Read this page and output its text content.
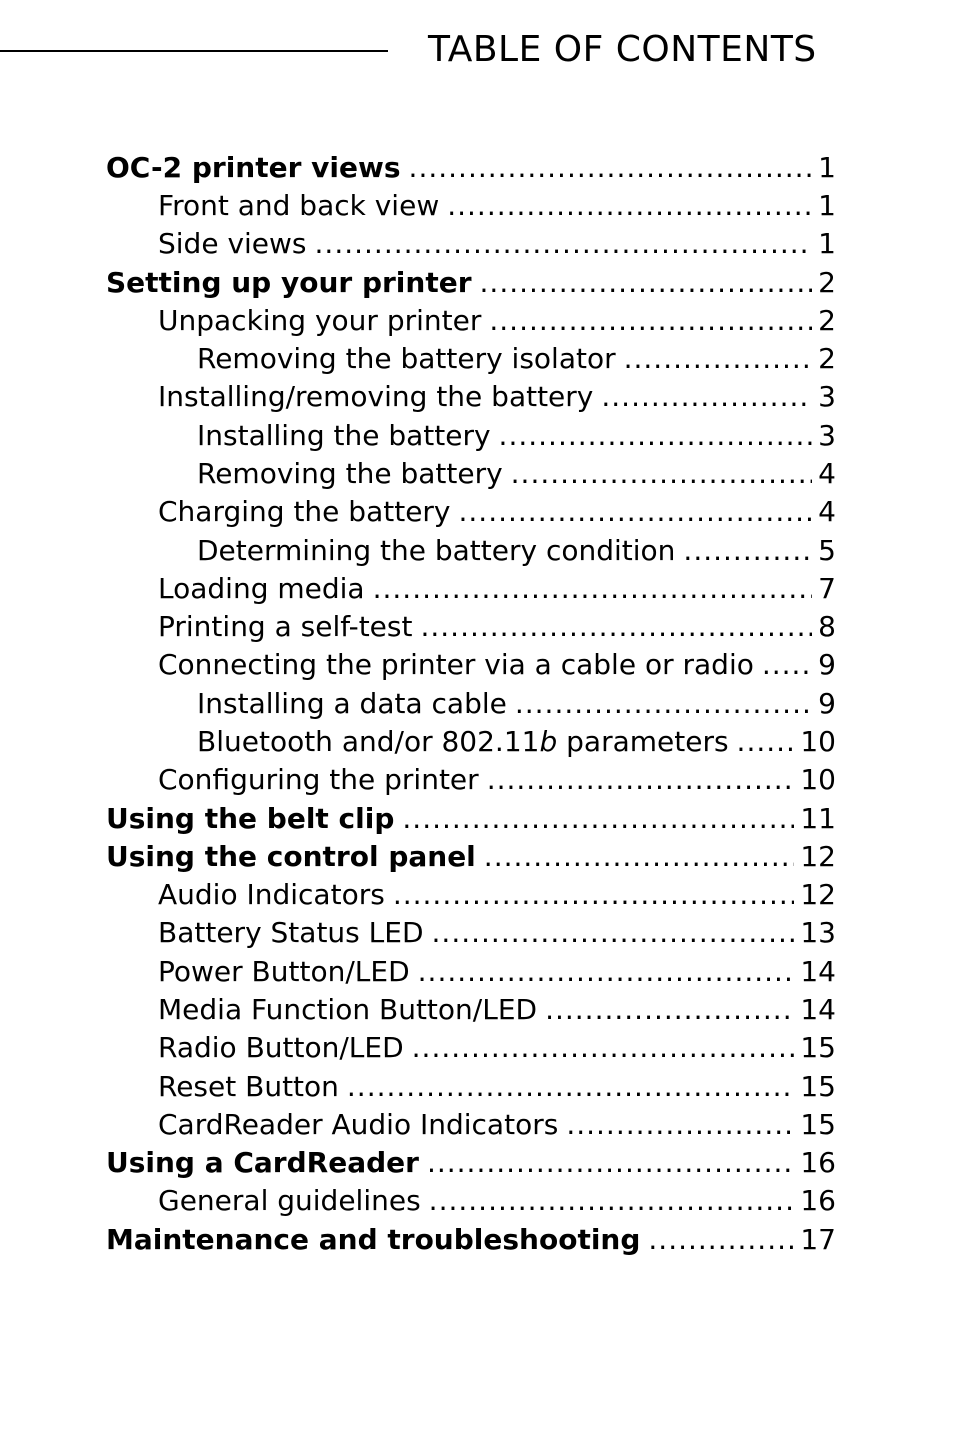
TABLE OF CONTENTS
OC-2 printer views .....	1
Front and back view .....	1
Side views .....	1
Setting up your printer .....	2
Unpacking your printer .....	2
Removing the battery isolator .....	2
Installing/removing the battery .....	3
Installing the battery .....	3
Removing the battery .....	4
Charging the battery .....	4
Determining the battery condition .....	5
Loading media .....	7
Printing a self-test .....	8
Connecting the printer via a cable or radio ..... 9
Installing a data cable .....	9
Bluetooth and/or 802.11b parameters .....	10
Configuring the printer .....	10
Using the belt clip .....	11
Using the control panel .....	12
Audio Indicators .....	12
Battery Status LED .....	13
Power Button/LED .....	14
Media Function Button/LED .....	14
Radio Button/LED .....	15
Reset Button .....	15
CardReader Audio Indicators .....	15
Using a CardReader .....	16
General guidelines .....	16
Maintenance and troubleshooting .....	17
